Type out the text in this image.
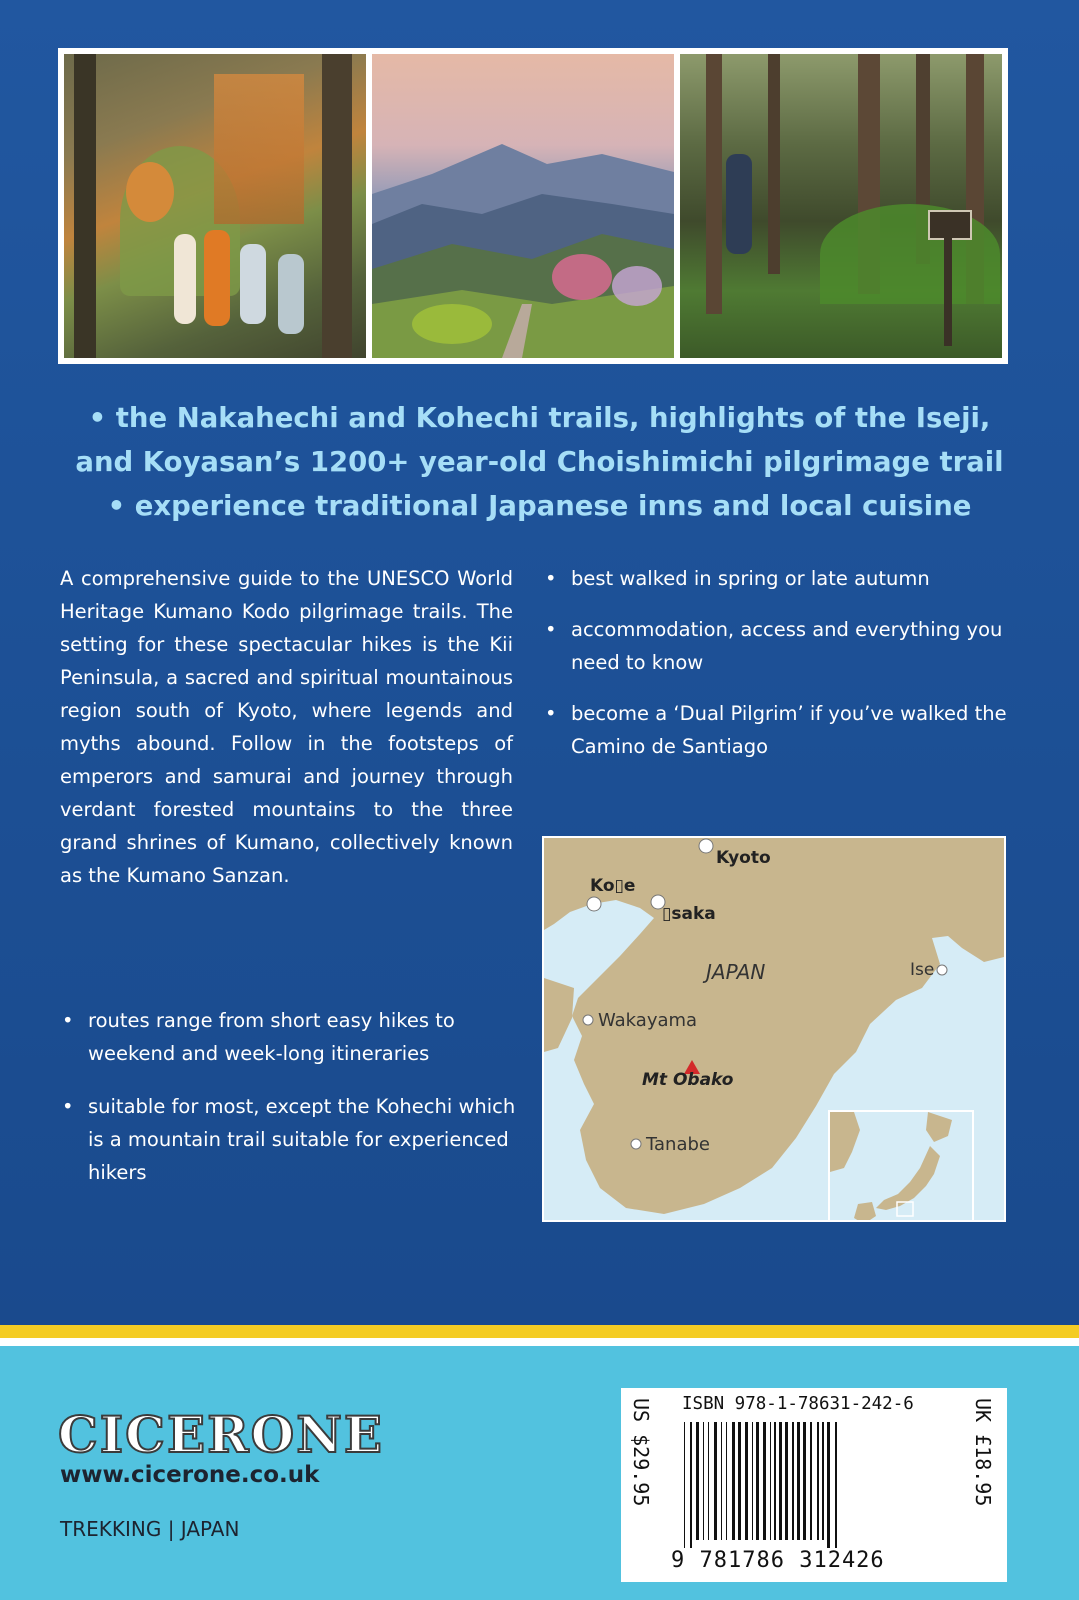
• the Nakahechi and Kohechi trails, highlights of the Iseji,

and Koyasan’s 1200+ year-old Choishimichi pilgrimage trail

• experience traditional Japanese inns and local cuisine

A comprehensive guide to the UNESCO World Heritage Kumano Kodo pilgrimage trails. The setting for these spectacular hikes is the Kii Peninsula, a sacred and spiritual mountainous region south of Kyoto, where legends and myths abound. Follow in the footsteps of emperors and samurai and journey through verdant forested mountains to the three grand shrines of Kumano, collectively known as the Kumano Sanzan.

• routes range from short easy hikes to weekend and week-long itineraries
• suitable for most, except the Kohechi which is a mountain trail suitable for experienced hikers
• best walked in spring or late autumn
• accommodation, access and everything you need to know
• become a ‘Dual Pilgrim’ if you’ve walked the Camino de Santiago
Kyoto
Ko▯e
▯saka
JAPAN	Ise
Wakayama
Mt Obako
Tanabe
CICERONE
www.cicerone.co.uk
TREKKING | JAPAN
ISBN 978-1-78631-242-6
9 781786 312426
US $29.95	UK £18.95
